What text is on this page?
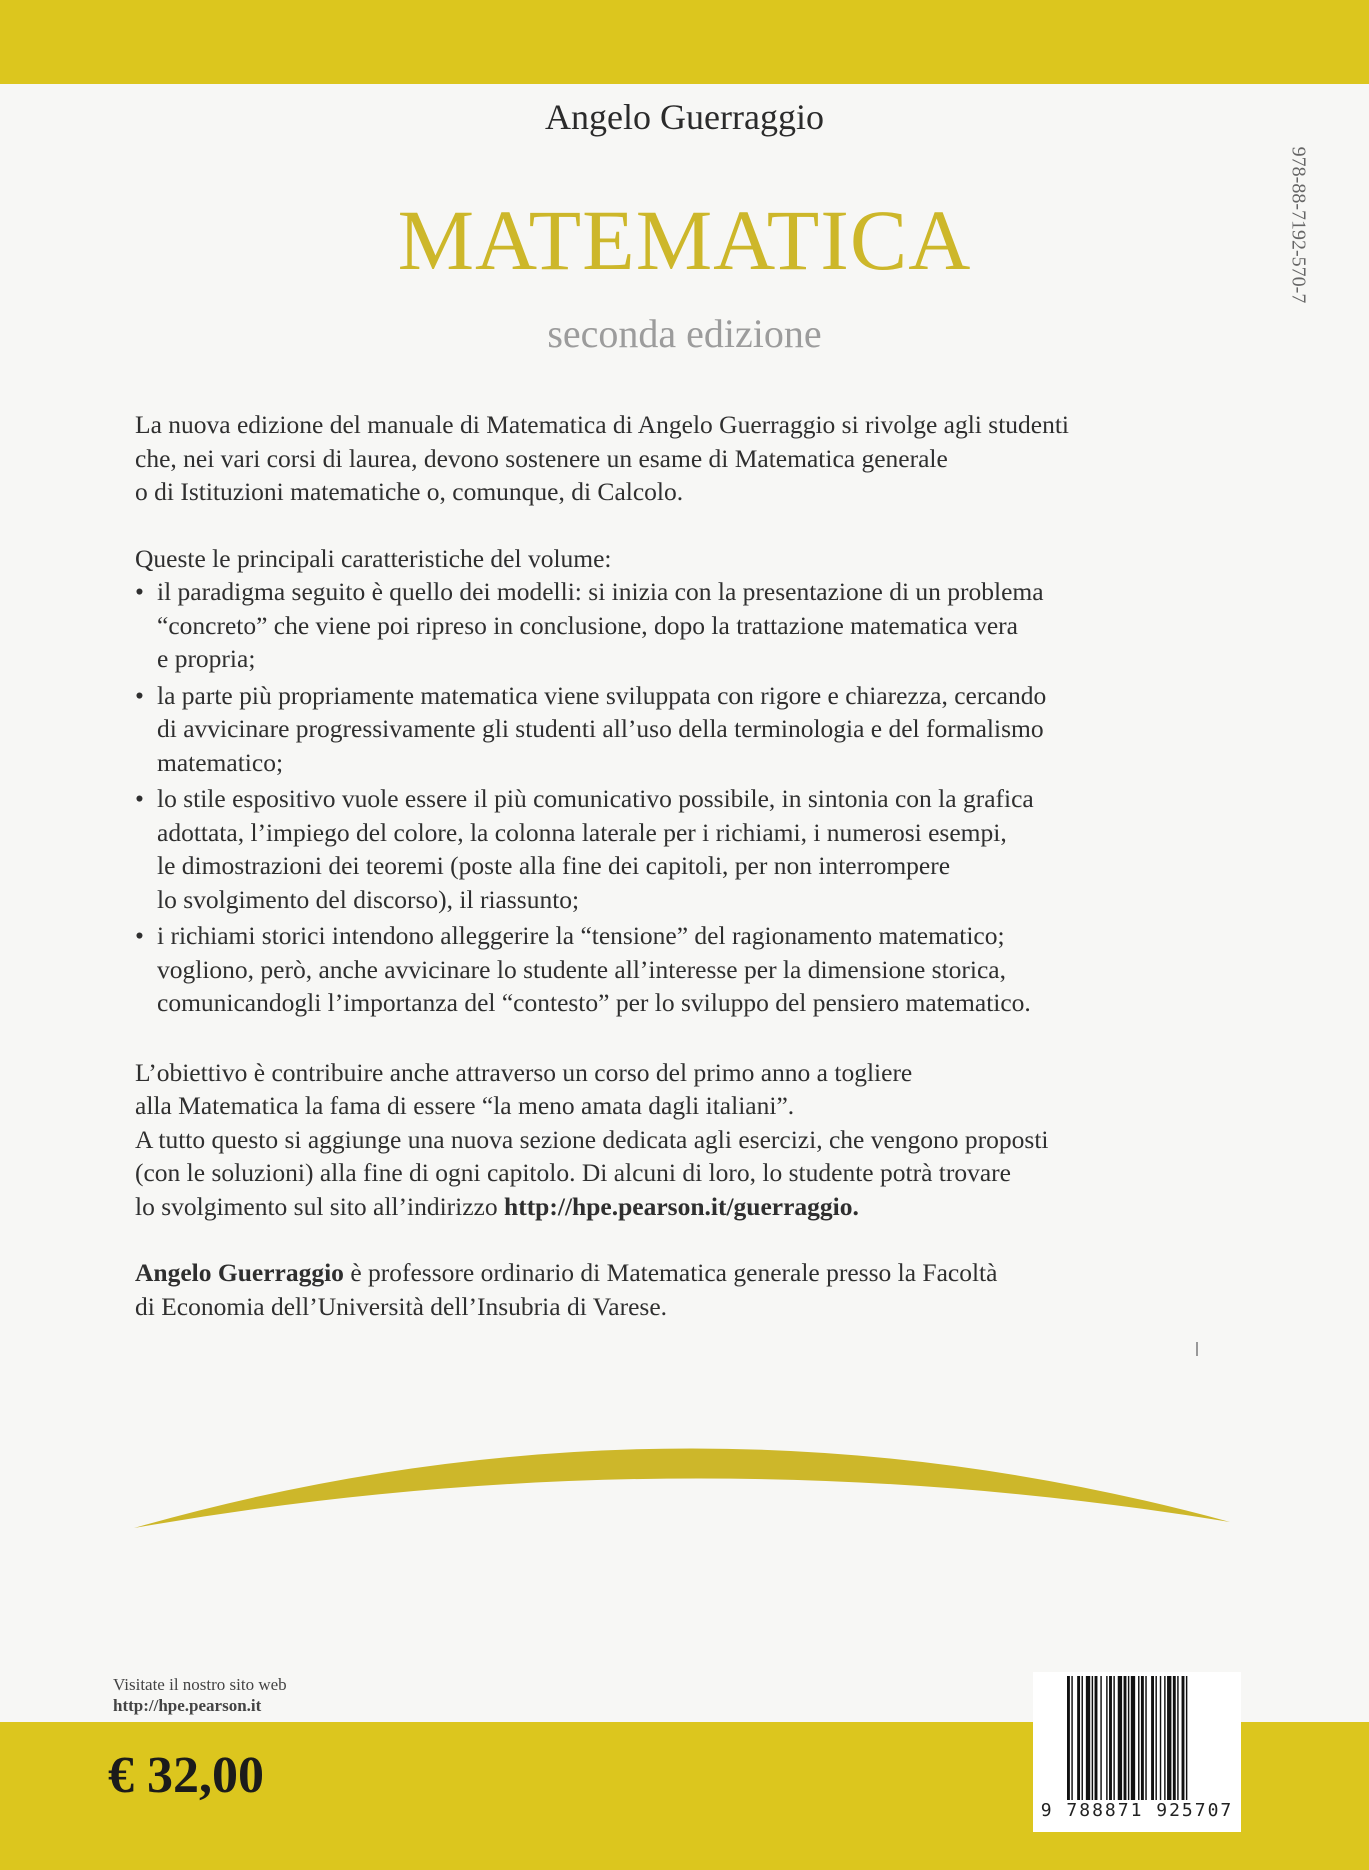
Angelo Guerraggio
MATEMATICA
seconda edizione
978-88-7192-570-7

La nuova edizione del manuale di Matematica di Angelo Guerraggio si rivolge agli studenti

che, nei vari corsi di laurea, devono sostenere un esame di Matematica generale

o di Istituzioni matematiche o, comunque, di Calcolo.

Queste le principali caratteristiche del volume:

• il paradigma seguito è quello dei modelli: si inizia con la presentazione di un problema

“concreto” che viene poi ripreso in conclusione, dopo la trattazione matematica vera

e propria;

• la parte più propriamente matematica viene sviluppata con rigore e chiarezza, cercando

di avvicinare progressivamente gli studenti all’uso della terminologia e del formalismo

matematico;

• lo stile espositivo vuole essere il più comunicativo possibile, in sintonia con la grafica

adottata, l’impiego del colore, la colonna laterale per i richiami, i numerosi esempi,

le dimostrazioni dei teoremi (poste alla fine dei capitoli, per non interrompere

lo svolgimento del discorso), il riassunto;

• i richiami storici intendono alleggerire la “tensione” del ragionamento matematico;

vogliono, però, anche avvicinare lo studente all’interesse per la dimensione storica,

comunicandogli l’importanza del “contesto” per lo sviluppo del pensiero matematico.

L’obiettivo è contribuire anche attraverso un corso del primo anno a togliere

alla Matematica la fama di essere “la meno amata dagli italiani”.

A tutto questo si aggiunge una nuova sezione dedicata agli esercizi, che vengono proposti

(con le soluzioni) alla fine di ogni capitolo. Di alcuni di loro, lo studente potrà trovare

lo svolgimento sul sito all’indirizzo http://hpe.pearson.it/guerraggio.

Angelo Guerraggio è professore ordinario di Matematica generale presso la Facoltà

di Economia dell’Università dell’Insubria di Varese.

Visitate il nostro sito web
http://hpe.pearson.it
€ 32,00
9 788871 925707
